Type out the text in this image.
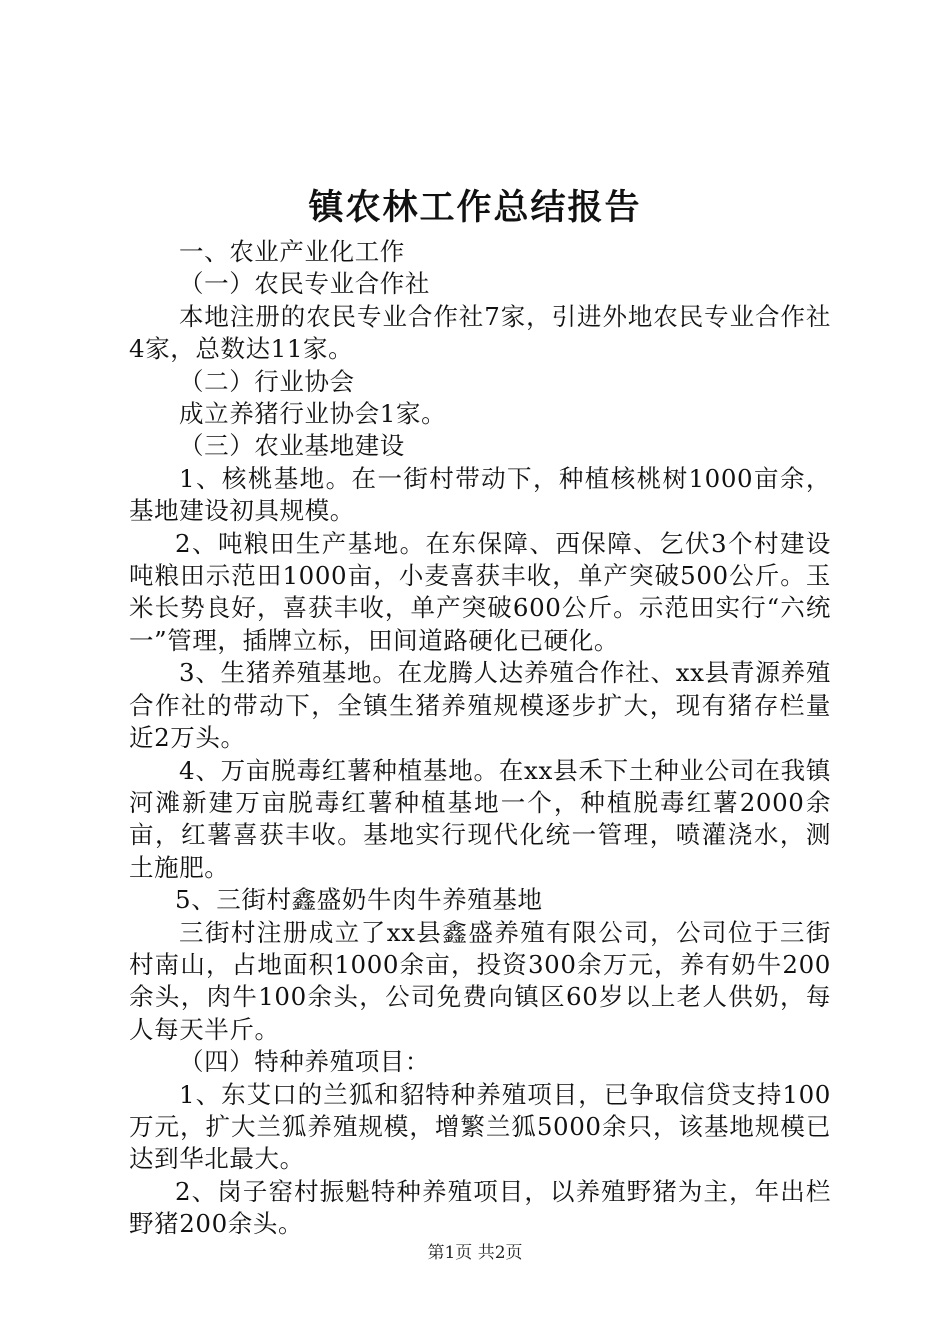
镇农林工作总结报告

一、农业产业化工作

（一）农民专业合作社

本地注册的农民专业合作社7家，引进外地农民专业合作社4家，总数达11家。

（二）行业协会

成立养猪行业协会1家。

（三）农业基地建设

1、核桃基地。在一街村带动下，种植核桃树1000亩余，基地建设初具规模。

2、吨粮田生产基地。在东保障、西保障、乞伏3个村建设吨粮田示范田1000亩，小麦喜获丰收，单产突破500公斤。玉米长势良好，喜获丰收，单产突破600公斤。示范田实行“六统一”管理，插牌立标，田间道路硬化已硬化。

3、生猪养殖基地。在龙腾人达养殖合作社、xx县青源养殖合作社的带动下，全镇生猪养殖规模逐步扩大，现有猪存栏量近2万头。

4、万亩脱毒红薯种植基地。在xx县禾下土种业公司在我镇河滩新建万亩脱毒红薯种植基地一个，种植脱毒红薯2000余亩，红薯喜获丰收。基地实行现代化统一管理，喷灌浇水，测土施肥。

5、三街村鑫盛奶牛肉牛养殖基地

三街村注册成立了xx县鑫盛养殖有限公司，公司位于三街村南山，占地面积1000余亩，投资300余万元，养有奶牛200余头，肉牛100余头，公司免费向镇区60岁以上老人供奶，每人每天半斤。

（四）特种养殖项目：

1、东艾口的兰狐和貂特种养殖项目，已争取信贷支持100万元，扩大兰狐养殖规模，增繁兰狐5000余只，该基地规模已达到华北最大。

2、岗子窑村振魁特种养殖项目，以养殖野猪为主，年出栏野猪200余头。

第1页 共2页
